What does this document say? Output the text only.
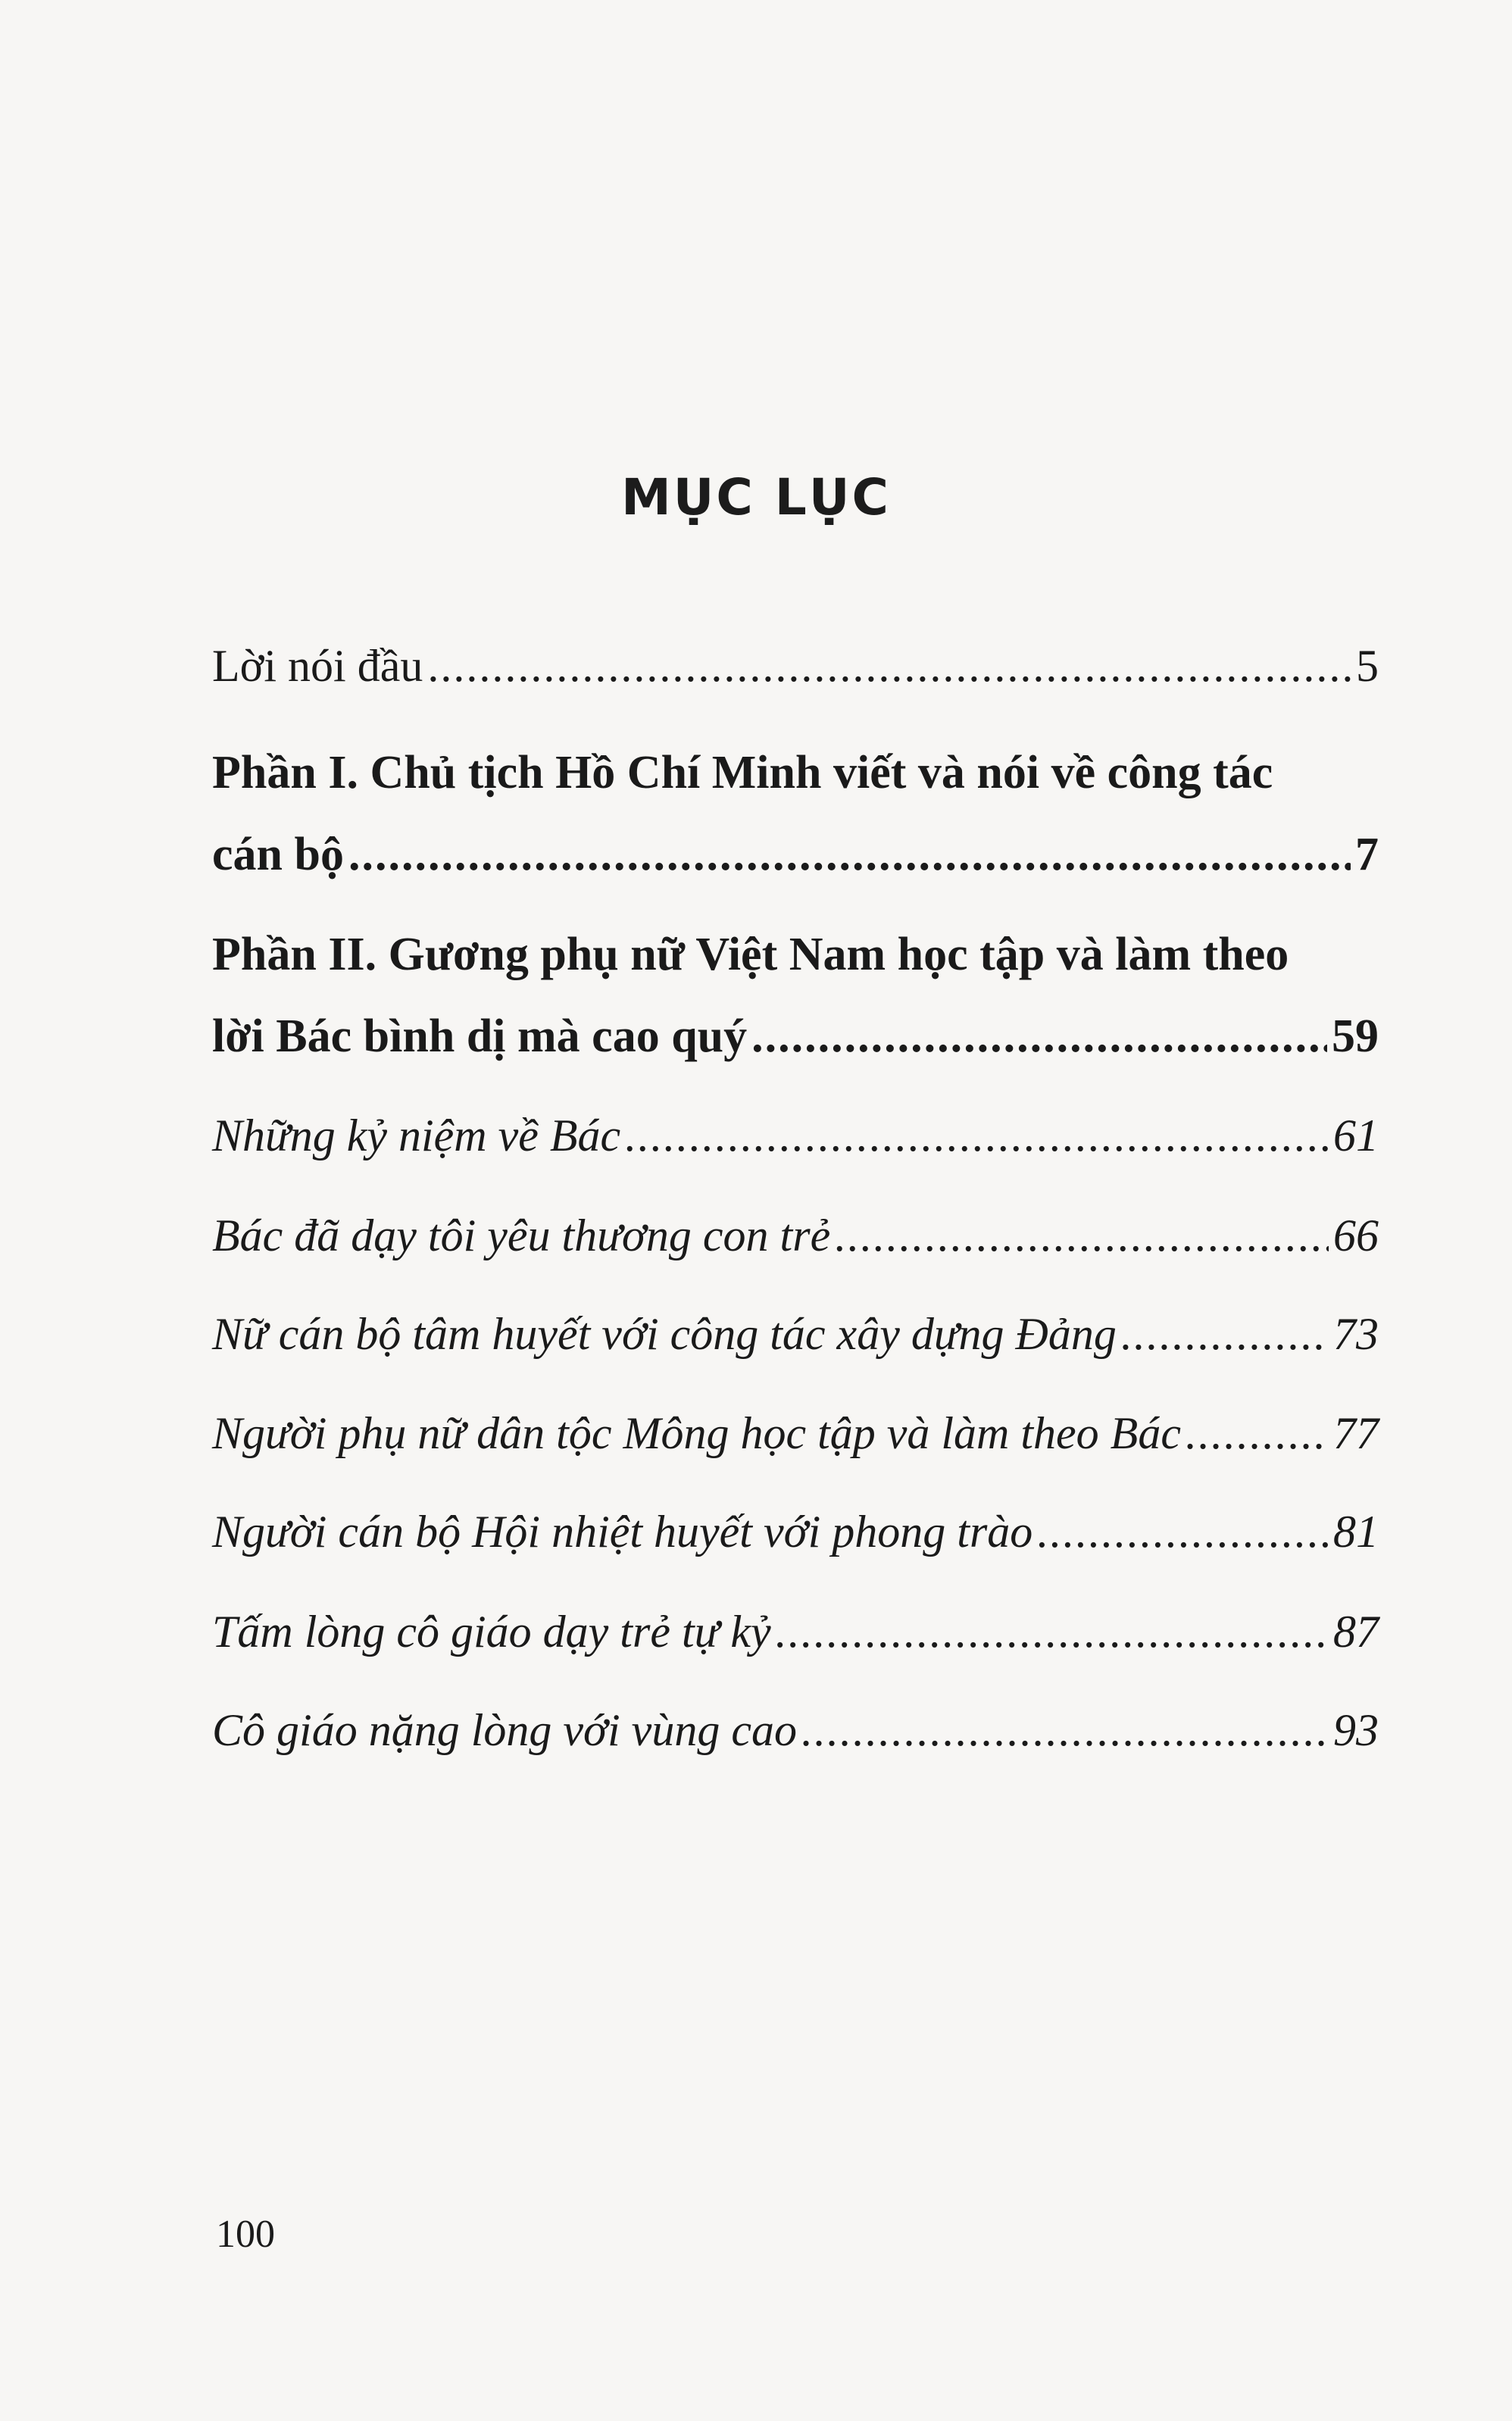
MỤC LỤC
Lời nói đầu .....	5
Phần I. Chủ tịch Hồ Chí Minh viết và nói về công tác
cán bộ .....	7
Phần II. Gương phụ nữ Việt Nam học tập và làm theo
lời Bác bình dị mà cao quý .....	59
Những kỷ niệm về Bác .....	61
Bác đã dạy tôi yêu thương con trẻ .....	66
Nữ cán bộ tâm huyết với công tác xây dựng Đảng .....	73
Người phụ nữ dân tộc Mông học tập và làm theo Bác .....	77
Người cán bộ Hội nhiệt huyết với phong trào .....	81
Tấm lòng cô giáo dạy trẻ tự kỷ .....	87
Cô giáo nặng lòng với vùng cao .....	93
100
